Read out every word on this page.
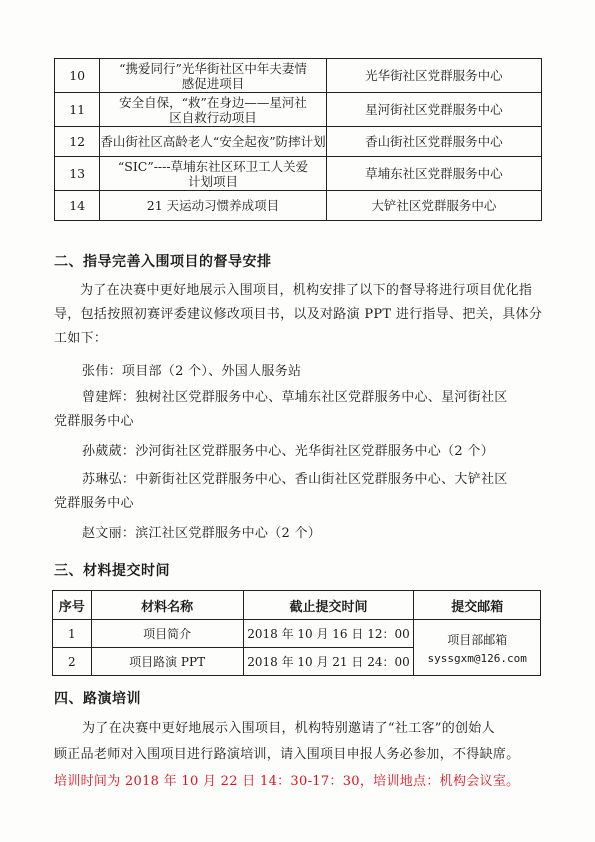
10	“携爱同行”光华街社区中年夫妻情感促进项目	光华街社区党群服务中心
11	安全自保，“救”在身边——星河社区自救行动项目	星河街社区党群服务中心
12	香山街社区高龄老人“安全起夜”防摔计划	香山街社区党群服务中心
13	“SIC”----草埔东社区环卫工人关爱计划项目	草埔东社区党群服务中心
14	21 天运动习惯养成项目	大铲社区党群服务中心
二、指导完善入围项目的督导安排
为了在决赛中更好地展示入围项目，机构安排了以下的督导将进行项目优化指导，包括按照初赛评委建议修改项目书，以及对路演 PPT 进行指导、把关，具体分工如下：
张伟：项目部（2 个）、外国人服务站
曾建辉：独树社区党群服务中心、草埔东社区党群服务中心、星河街社区
党群服务中心
孙葳葳：沙河街社区党群服务中心、光华街社区党群服务中心（2 个）
苏琳弘：中新街社区党群服务中心、香山街社区党群服务中心、大铲社区
党群服务中心
赵文丽：滨江社区党群服务中心（2 个）
三、材料提交时间
序号	材料名称	截止提交时间	提交邮箱
1	项目简介	2018 年 10 月 16 日 12：00	项目部邮箱
syssgxm@126.com

2	项目路演 PPT	2018 年 10 月 21 日 24：00	
四、路演培训
为了在决赛中更好地展示入围项目，机构特别邀请了“社工客”的创始人
顾正品老师对入围项目进行路演培训，请入围项目申报人务必参加，不得缺席。
培训时间为 2018 年 10 月 22 日 14：30-17：30，培训地点：机构会议室。
